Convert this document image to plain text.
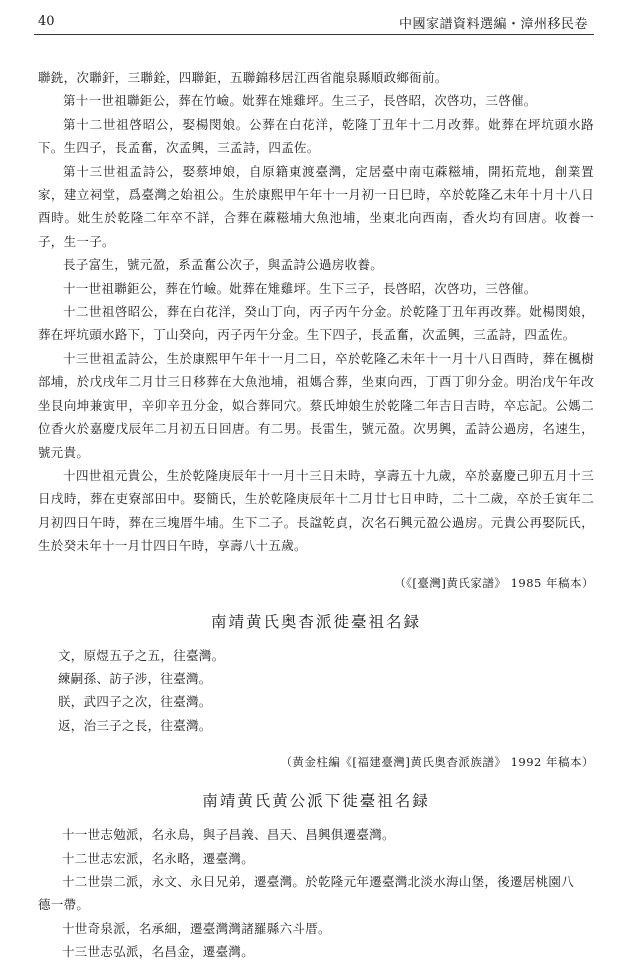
40	中國家譜資料選編・漳州移民卷

聯銑，次聯釬，三聯銓，四聯鉅，五聯錦移居江西省龍泉縣順政鄉衙前。

第十一世祖聯鉅公，葬在竹嶮。妣葬在雉雞坪。生三子，長啓昭，次啓功，三啓催。

第十二世祖啓昭公，娶楊閔娘。公葬在白花洋，乾隆丁丑年十二月改葬。妣葬在坪坑頭水路下。生四子，長孟奮，次孟興，三孟詩，四孟佐。

第十三世祖孟詩公，娶蔡坤娘，自原籍東渡臺灣，定居臺中南屯蔴糍埔，開拓荒地，創業置家，建立祠堂，爲臺灣之始祖公。生於康熙甲午年十一月初一日巳時，卒於乾隆乙未年十月十八日酉時。妣生於乾隆二年卒不詳，合葬在蔴糍埔大魚池埔，坐東北向西南，香火均有回唐。收養一子，生一子。

長子富生，號元盈，系孟奮公次子，與孟詩公過房收養。

十一世祖聯鉅公，葬在竹嶮。妣葬在雉雞坪。生下三子，長啓昭，次啓功，三啓催。

十二世祖啓昭公，葬在白花洋，癸山丁向，丙子丙午分金。於乾隆丁丑年再改葬。妣楊閔娘，葬在坪坑頭水路下，丁山癸向，丙子丙午分金。生下四子，長孟奮，次孟興，三孟詩，四孟佐。

十三世祖孟詩公，生於康熙甲午年十一月二日，卒於乾隆乙未年十一月十八日酉時，葬在楓樹部埔，於戊戌年二月廿三日移葬在大魚池埔，祖媽合葬，坐東向西，丁酉丁卯分金。明治戊午年改坐艮向坤兼寅甲，辛卯辛丑分金，姒合葬同穴。蔡氏坤娘生於乾隆二年吉日吉時，卒忘記。公媽二位香火於嘉慶戊辰年二月初五日回唐。有二男。長雷生，號元盈。次男興，孟詩公過房，名速生，號元貴。

十四世祖元貴公，生於乾隆庚辰年十一月十三日未時，享壽五十九歲，卒於嘉慶己卯五月十三日戌時，葬在吏寮部田中。娶簡氏，生於乾隆庚辰年十二月廿七日申時，二十二歲，卒於壬寅年二月初四日午時，葬在三塊厝牛埔。生下二子。長諡乾貞，次名石興元盈公過房。元貴公再娶阮氏，生於癸未年十一月廿四日午時，享壽八十五歲。

（《[臺灣]黄氏家譜》 1985 年稿本）
南靖黄氏奥杳派徙臺祖名録

文，原煜五子之五，往臺灣。

練嗣孫、訪子涉，往臺灣。

朕，武四子之次，往臺灣。

返，治三子之長，往臺灣。

（黄金柱編《[福建臺灣]黄氏奥杳派族譜》 1992 年稿本）
南靖黄氏黄公派下徙臺祖名録

十一世志勉派，名永鳥，與子昌義、昌天、昌興俱遷臺灣。

十二世志宏派，名永略，遷臺灣。

十二世崇二派，永文、永日兄弟，遷臺灣。於乾隆元年遷臺灣北淡水海山堡，後遷居桃園八

德一帶。

十世奇泉派，名承細，遷臺灣灣諸羅縣六斗厝。

十三世志弘派，名昌金，遷臺灣。
